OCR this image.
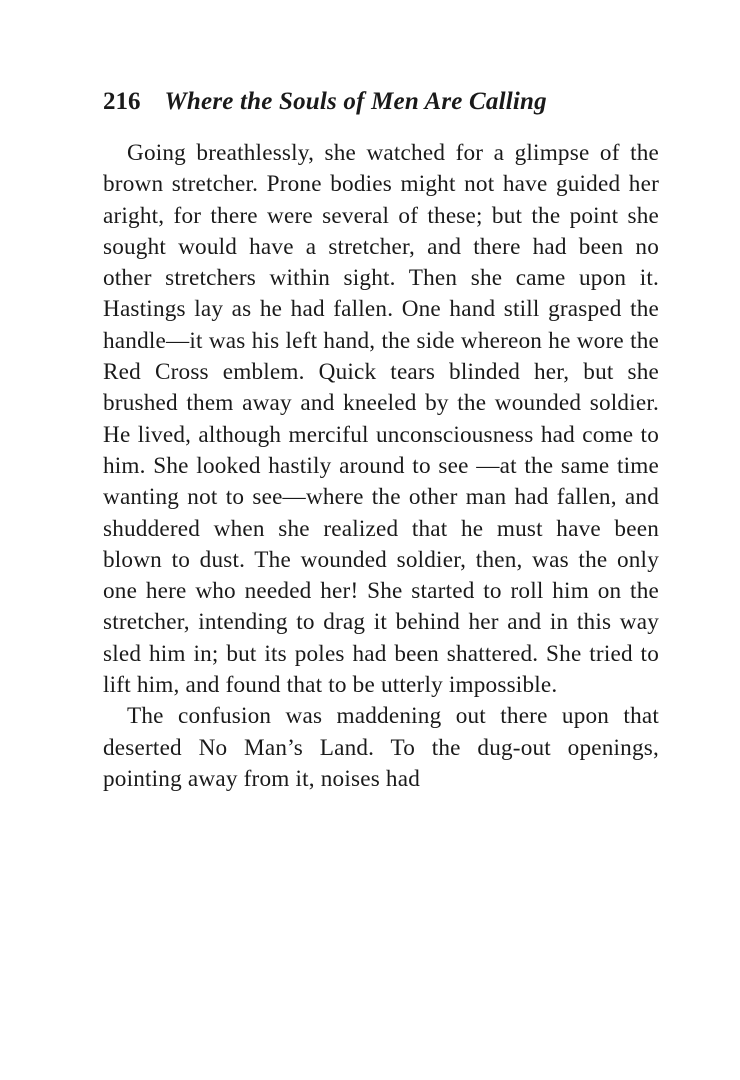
216 Where the Souls of Men Are Calling

Going breathlessly, she watched for a glimpse of the brown stretcher. Prone bodies might not have guided her aright, for there were several of these; but the point she sought would have a stretcher, and there had been no other stretchers within sight. Then she came upon it. Hastings lay as he had fallen. One hand still grasped the handle—it was his left hand, the side whereon he wore the Red Cross emblem. Quick tears blinded her, but she brushed them away and kneeled by the wounded soldier. He lived, although merciful unconsciousness had come to him. She looked hastily around to see —at the same time wanting not to see—where the other man had fallen, and shuddered when she realized that he must have been blown to dust. The wounded soldier, then, was the only one here who needed her! She started to roll him on the stretcher, intending to drag it behind her and in this way sled him in; but its poles had been shattered. She tried to lift him, and found that to be utterly impossible.

The confusion was maddening out there upon that deserted No Man’s Land. To the dug-out openings, pointing away from it, noises had
